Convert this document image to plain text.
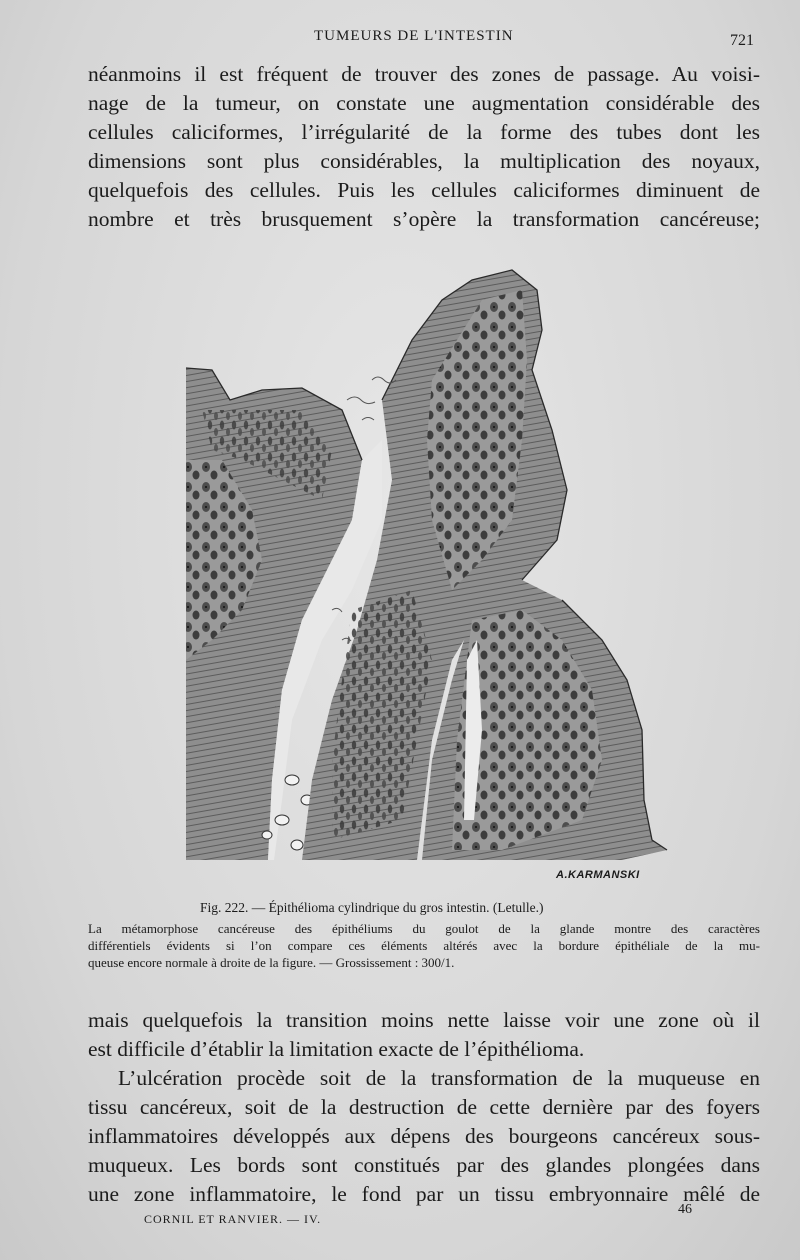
TUMEURS DE L'INTESTIN	721

néanmoins il est fréquent de trouver des zones de passage. Au voisi-
nage de la tumeur, on constate une augmentation considérable des
cellules caliciformes, l’irrégularité de la forme des tubes dont les
dimensions sont plus considérables, la multiplication des noyaux,
quelquefois des cellules. Puis les cellules caliciformes diminuent de
nombre et très brusquement s’opère la transformation cancéreuse;

A.KARMANSKI
Fig. 222. — Épithélioma cylindrique du gros intestin. (Letulle.)

La métamorphose cancéreuse des épithéliums du goulot de la glande montre des caractères
différentiels évidents si l’on compare ces éléments altérés avec la bordure épithéliale de la mu-
queuse encore normale à droite de la figure. — Grossissement : 300/1.

mais quelquefois la transition moins nette laisse voir une zone où il
est difficile d’établir la limitation exacte de l’épithélioma.
L’ulcération procède soit de la transformation de la muqueuse en
tissu cancéreux, soit de la destruction de cette dernière par des foyers
inflammatoires développés aux dépens des bourgeons cancéreux sous-
muqueux. Les bords sont constitués par des glandes plongées dans
une zone inflammatoire, le fond par un tissu embryonnaire mêlé de

CORNIL ET RANVIER. — IV.
46
